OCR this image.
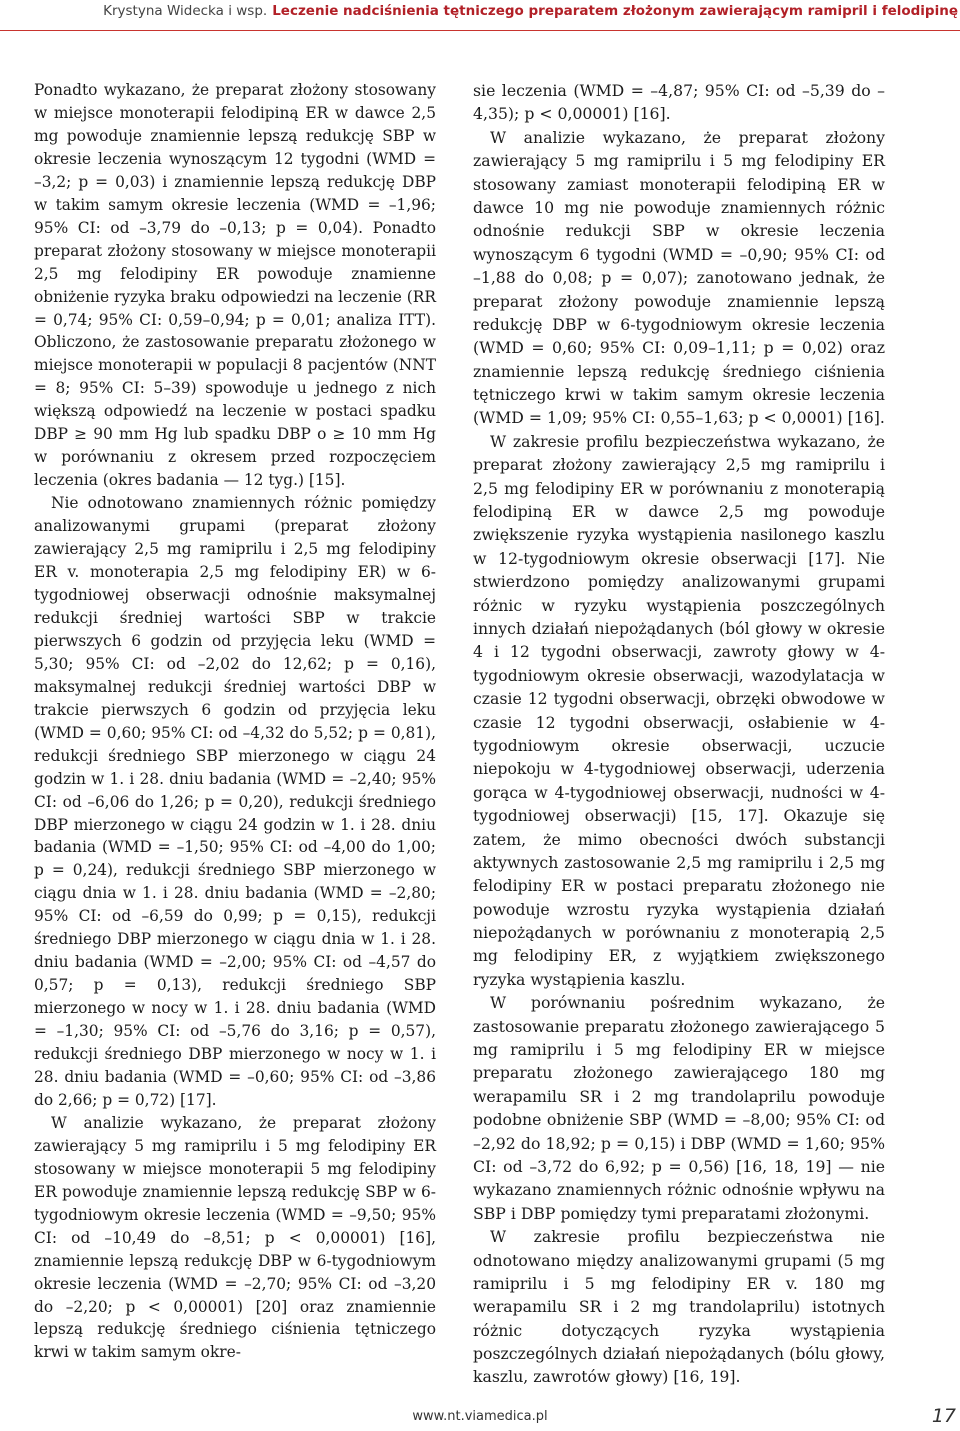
Krystyna Widecka i wsp. Leczenie nadciśnienia tętniczego preparatem złożonym zawierającym ramipril i felodipinę

Ponadto wykazano, że preparat złożony stosowany w miejsce monoterapii felodipiną ER w dawce 2,5 mg powoduje znamiennie lepszą redukcję SBP w okresie leczenia wynoszącym 12 tygodni (WMD = –3,2; p = 0,03) i znamiennie lepszą redukcję DBP w takim samym okresie leczenia (WMD = –1,96; 95% CI: od –3,79 do –0,13; p = 0,04). Ponadto preparat złożony stosowany w miejsce monoterapii 2,5 mg felodipiny ER powoduje znamienne obniżenie ryzyka braku odpowiedzi na leczenie (RR = 0,74; 95% CI: 0,59–0,94; p = 0,01; analiza ITT). Obliczono, że zastosowanie preparatu złożonego w miejsce monoterapii w populacji 8 pacjentów (NNT = 8; 95% CI: 5–39) spowoduje u jednego z nich większą odpowiedź na leczenie w postaci spadku DBP ≥ 90 mm Hg lub spadku DBP o ≥ 10 mm Hg w porównaniu z okresem przed rozpoczęciem leczenia (okres badania — 12 tyg.) [15].

Nie odnotowano znamiennych różnic pomiędzy analizowanymi grupami (preparat złożony zawierający 2,5 mg ramiprilu i 2,5 mg felodipiny ER v. monoterapia 2,5 mg felodipiny ER) w 6-tygodniowej obserwacji odnośnie maksymalnej redukcji średniej wartości SBP w trakcie pierwszych 6 godzin od przyjęcia leku (WMD = 5,30; 95% CI: od –2,02 do 12,62; p = 0,16), maksymalnej redukcji średniej wartości DBP w trakcie pierwszych 6 godzin od przyjęcia leku (WMD = 0,60; 95% CI: od –4,32 do 5,52; p = 0,81), redukcji średniego SBP mierzonego w ciągu 24 godzin w 1. i 28. dniu badania (WMD = –2,40; 95% CI: od –6,06 do 1,26; p = 0,20), redukcji średniego DBP mierzonego w ciągu 24 godzin w 1. i 28. dniu badania (WMD = –1,50; 95% CI: od –4,00 do 1,00; p = 0,24), redukcji średniego SBP mierzonego w ciągu dnia w 1. i 28. dniu badania (WMD = –2,80; 95% CI: od –6,59 do 0,99; p = 0,15), redukcji średniego DBP mierzonego w ciągu dnia w 1. i 28. dniu badania (WMD = –2,00; 95% CI: od –4,57 do 0,57; p = 0,13), redukcji średniego SBP mierzonego w nocy w 1. i 28. dniu badania (WMD = –1,30; 95% CI: od –5,76 do 3,16; p = 0,57), redukcji średniego DBP mierzonego w nocy w 1. i 28. dniu badania (WMD = –0,60; 95% CI: od –3,86 do 2,66; p = 0,72) [17].

W analizie wykazano, że preparat złożony zawierający 5 mg ramiprilu i 5 mg felodipiny ER stosowany w miejsce monoterapii 5 mg felodipiny ER powoduje znamiennie lepszą redukcję SBP w 6-tygodniowym okresie leczenia (WMD = –9,50; 95% CI: od –10,49 do –8,51; p < 0,00001) [16], znamiennie lepszą redukcję DBP w 6-tygodniowym okresie leczenia (WMD = –2,70; 95% CI: od –3,20 do –2,20; p < 0,00001) [20] oraz znamiennie lepszą redukcję średniego ciśnienia tętniczego krwi w takim samym okre-

sie leczenia (WMD = –4,87; 95% CI: od –5,39 do –4,35); p < 0,00001) [16].

W analizie wykazano, że preparat złożony zawierający 5 mg ramiprilu i 5 mg felodipiny ER stosowany zamiast monoterapii felodipiną ER w dawce 10 mg nie powoduje znamiennych różnic odnośnie redukcji SBP w okresie leczenia wynoszącym 6 tygodni (WMD = –0,90; 95% CI: od –1,88 do 0,08; p = 0,07); zanotowano jednak, że preparat złożony powoduje znamiennie lepszą redukcję DBP w 6-tygodniowym okresie leczenia (WMD = 0,60; 95% CI: 0,09–1,11; p = 0,02) oraz znamiennie lepszą redukcję średniego ciśnienia tętniczego krwi w takim samym okresie leczenia (WMD = 1,09; 95% CI: 0,55–1,63; p < 0,0001) [16].

W zakresie profilu bezpieczeństwa wykazano, że preparat złożony zawierający 2,5 mg ramiprilu i 2,5 mg felodipiny ER w porównaniu z monoterapią felodipiną ER w dawce 2,5 mg powoduje zwiększenie ryzyka wystąpienia nasilonego kaszlu w 12-tygodniowym okresie obserwacji [17]. Nie stwierdzono pomiędzy analizowanymi grupami różnic w ryzyku wystąpienia poszczególnych innych działań niepożądanych (ból głowy w okresie 4 i 12 tygodni obserwacji, zawroty głowy w 4-tygodniowym okresie obserwacji, wazodylatacja w czasie 12 tygodni obserwacji, obrzęki obwodowe w czasie 12 tygodni obserwacji, osłabienie w 4-tygodniowym okresie obserwacji, uczucie niepokoju w 4-tygodniowej obserwacji, uderzenia gorąca w 4-tygodniowej obserwacji, nudności w 4-tygodniowej obserwacji) [15, 17]. Okazuje się zatem, że mimo obecności dwóch substancji aktywnych zastosowanie 2,5 mg ramiprilu i 2,5 mg felodipiny ER w postaci preparatu złożonego nie powoduje wzrostu ryzyka wystąpienia działań niepożądanych w porównaniu z monoterapią 2,5 mg felodipiny ER, z wyjątkiem zwiększonego ryzyka wystąpienia kaszlu.

W porównaniu pośrednim wykazano, że zastosowanie preparatu złożonego zawierającego 5 mg ramiprilu i 5 mg felodipiny ER w miejsce preparatu złożonego zawierającego 180 mg werapamilu SR i 2 mg trandolaprilu powoduje podobne obniżenie SBP (WMD = –8,00; 95% CI: od –2,92 do 18,92; p = 0,15) i DBP (WMD = 1,60; 95% CI: od –3,72 do 6,92; p = 0,56) [16, 18, 19] — nie wykazano znamiennych różnic odnośnie wpływu na SBP i DBP pomiędzy tymi preparatami złożonymi.

W zakresie profilu bezpieczeństwa nie odnotowano między analizowanymi grupami (5 mg ramiprilu i 5 mg felodipiny ER v. 180 mg werapamilu SR i 2 mg trandolaprilu) istotnych różnic dotyczących ryzyka wystąpienia poszczególnych działań niepożądanych (bólu głowy, kaszlu, zawrotów głowy) [16, 19].

www.nt.viamedica.pl	17
